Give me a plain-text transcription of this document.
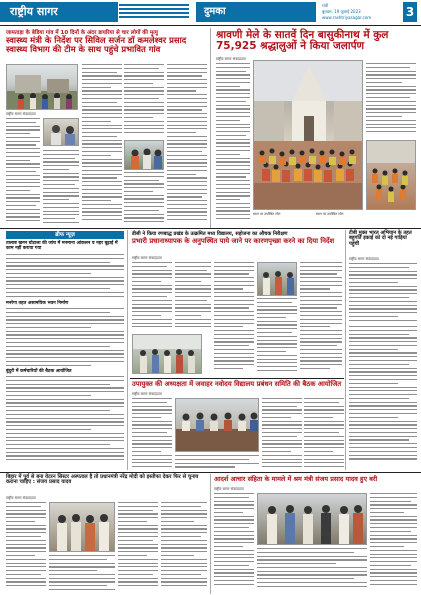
राष्ट्रीय सागर	दुमका
रांची
बुधवार, 19 जुलाई 2023
www.rashtriyasagar.com	3
जामताड़ा के बेडिया गांव में 10 दिनों के अंदर डायरिया से चार लोगों की मृत्यु
स्वास्थ्य मंत्री के निर्देश पर सिविल सर्जन डॉ कमलेश्वर प्रसाद स्वास्थ्य विभाग की टीम के साथ पहुंचे प्रभावित गांव
राष्ट्रीय सागर संवाददाता
श्रावणी मेले के सातवें दिन बासुकीनाथ में कुल 75,925 श्रद्धालुओं ने किया जलार्पण
राष्ट्रीय सागर संवाददाता
स्थल पर उपस्थित लोग	स्थल पर उपस्थित लोग
ब्रीफ न्यूज़
तालाब खनन घोटाला की जांच में मनमाना आंकलन व नहर बूढ़ाई में काम नहीं कराया गया
मनरेगा तहत असामयिक भवन निर्माण
बुंदुरी में कर्मचारियों की बैठक आयोजित
डीसी ने किया रणबाद्ध प्रखंड के उत्क्रमित मध्य विद्यालय, सहोजना का औचक निरीक्षण
प्रभारी प्रधानाध्यापक के अनुपस्थित पाये जाने पर कारणपृच्छा करने का दिया निर्देश
राष्ट्रीय सागर संवाददाता
टीबी मुक्त भारत अभियान के तहत बहुगति इकाई को दो नई गाड़ियां पहुंचीं
राष्ट्रीय सागर संवाददाता
उपायुक्त की अध्यक्षता में जवाहर नवोदय विद्यालय प्रबंधन समिति की बैठक आयोजित
राष्ट्रीय सागर संवाददाता
बिहार में पूर्व से बना वेटरन सिस्टर अस्पताल है तो प्रधानमंत्री नरेंद्र मोदी को इस्तीफा देकर फिर से चुनाव कराना चाहिए : संजय प्रसाद यादव
राष्ट्रीय सागर संवाददाता
आदर्श आचार संहिता के मामले में श्रम मंत्री संजय प्रसाद यादव हुए बरी
राष्ट्रीय सागर संवाददाता
